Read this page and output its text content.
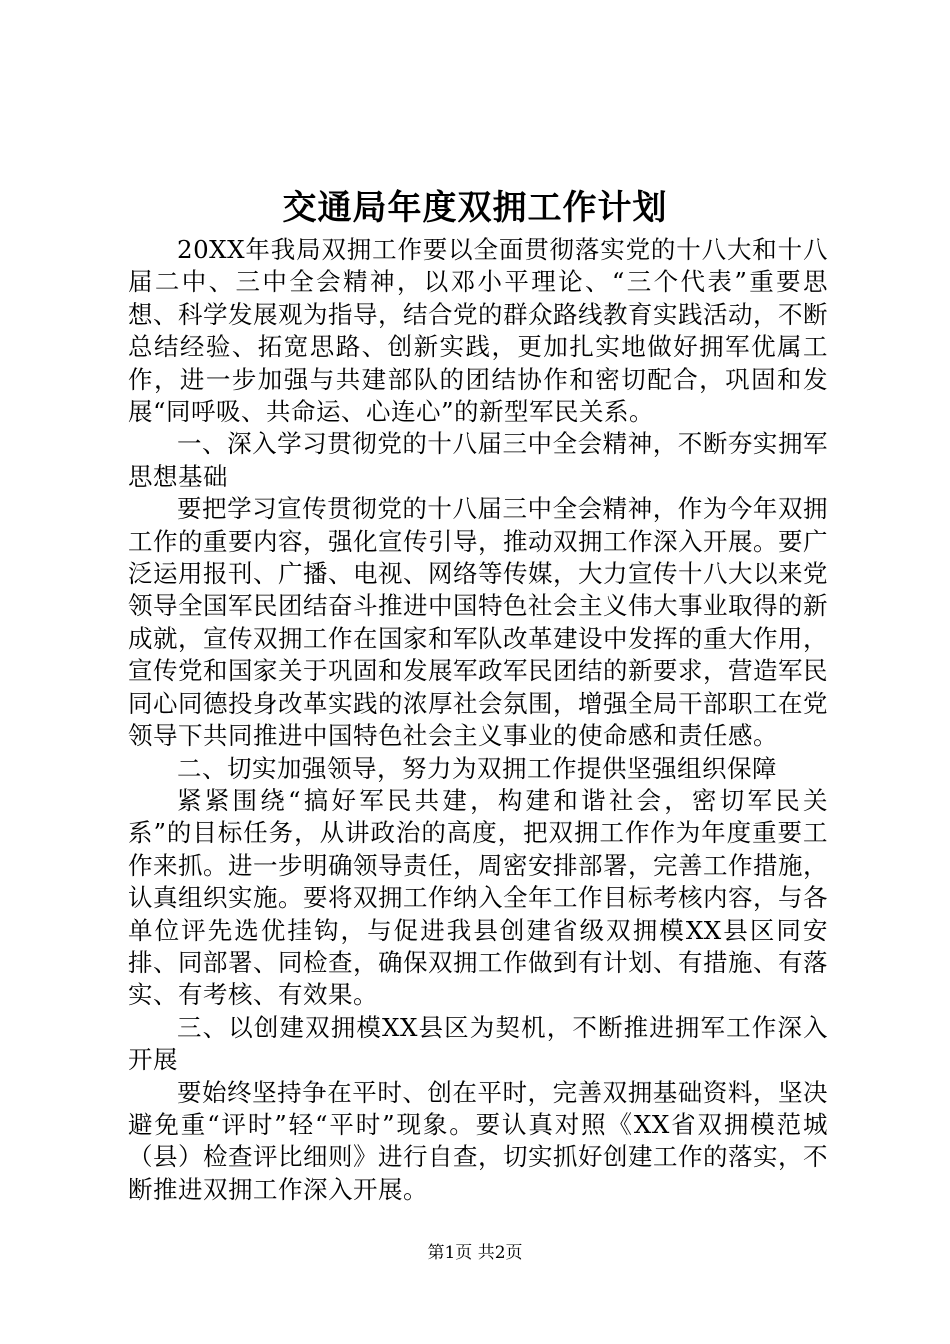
交通局年度双拥工作计划

20XX年我局双拥工作要以全面贯彻落实党的十八大和十八届二中、三中全会精神，以邓小平理论、“三个代表”重要思想、科学发展观为指导，结合党的群众路线教育实践活动，不断总结经验、拓宽思路、创新实践，更加扎实地做好拥军优属工作，进一步加强与共建部队的团结协作和密切配合，巩固和发展“同呼吸、共命运、心连心”的新型军民关系。

一、深入学习贯彻党的十八届三中全会精神，不断夯实拥军思想基础

要把学习宣传贯彻党的十八届三中全会精神，作为今年双拥工作的重要内容，强化宣传引导，推动双拥工作深入开展。要广泛运用报刊、广播、电视、网络等传媒，大力宣传十八大以来党领导全国军民团结奋斗推进中国特色社会主义伟大事业取得的新成就，宣传双拥工作在国家和军队改革建设中发挥的重大作用，宣传党和国家关于巩固和发展军政军民团结的新要求，营造军民同心同德投身改革实践的浓厚社会氛围，增强全局干部职工在党领导下共同推进中国特色社会主义事业的使命感和责任感。

二、切实加强领导，努力为双拥工作提供坚强组织保障

紧紧围绕“搞好军民共建，构建和谐社会，密切军民关系”的目标任务，从讲政治的高度，把双拥工作作为年度重要工作来抓。进一步明确领导责任，周密安排部署，完善工作措施，认真组织实施。要将双拥工作纳入全年工作目标考核内容，与各单位评先选优挂钩，与促进我县创建省级双拥模XX县区同安排、同部署、同检查，确保双拥工作做到有计划、有措施、有落实、有考核、有效果。

三、以创建双拥模XX县区为契机，不断推进拥军工作深入开展

要始终坚持争在平时、创在平时，完善双拥基础资料，坚决避免重“评时”轻“平时”现象。要认真对照《XX省双拥模范城（县）检查评比细则》进行自查，切实抓好创建工作的落实，不断推进双拥工作深入开展。

第1页 共2页
